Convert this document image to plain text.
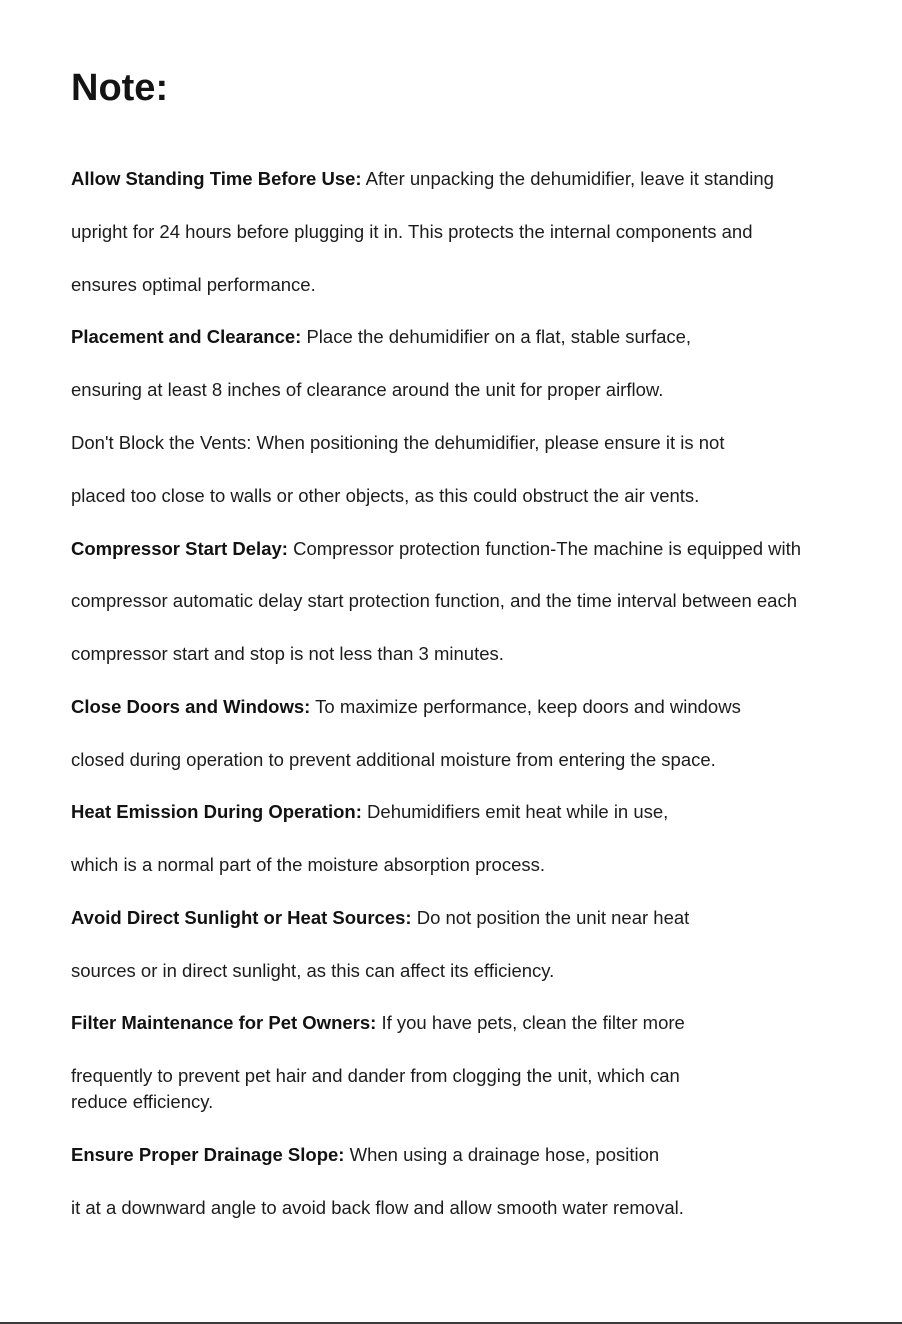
Note:

Allow Standing Time Before Use: After unpacking the dehumidifier, leave it standing

upright for 24 hours before plugging it in. This protects the internal components and

ensures optimal performance.

Placement and Clearance: Place the dehumidifier on a flat, stable surface,

ensuring at least 8 inches of clearance around the unit for proper airflow.

Don't Block the Vents: When positioning the dehumidifier, please ensure it is not

placed too close to walls or other objects, as this could obstruct the air vents.

Compressor Start Delay: Compressor protection function-The machine is equipped with

compressor automatic delay start protection function, and the time interval between each

compressor start and stop is not less than 3 minutes.

Close Doors and Windows: To maximize performance, keep doors and windows

closed during operation to prevent additional moisture from entering the space.

Heat Emission During Operation: Dehumidifiers emit heat while in use,

which is a normal part of the moisture absorption process.

Avoid Direct Sunlight or Heat Sources: Do not position the unit near heat

sources or in direct sunlight, as this can affect its efficiency.

Filter Maintenance for Pet Owners: If you have pets, clean the filter more

frequently to prevent pet hair and dander from clogging the unit, which can

reduce efficiency.

Ensure Proper Drainage Slope: When using a drainage hose, position

it at a downward angle to avoid back flow and allow smooth water removal.
